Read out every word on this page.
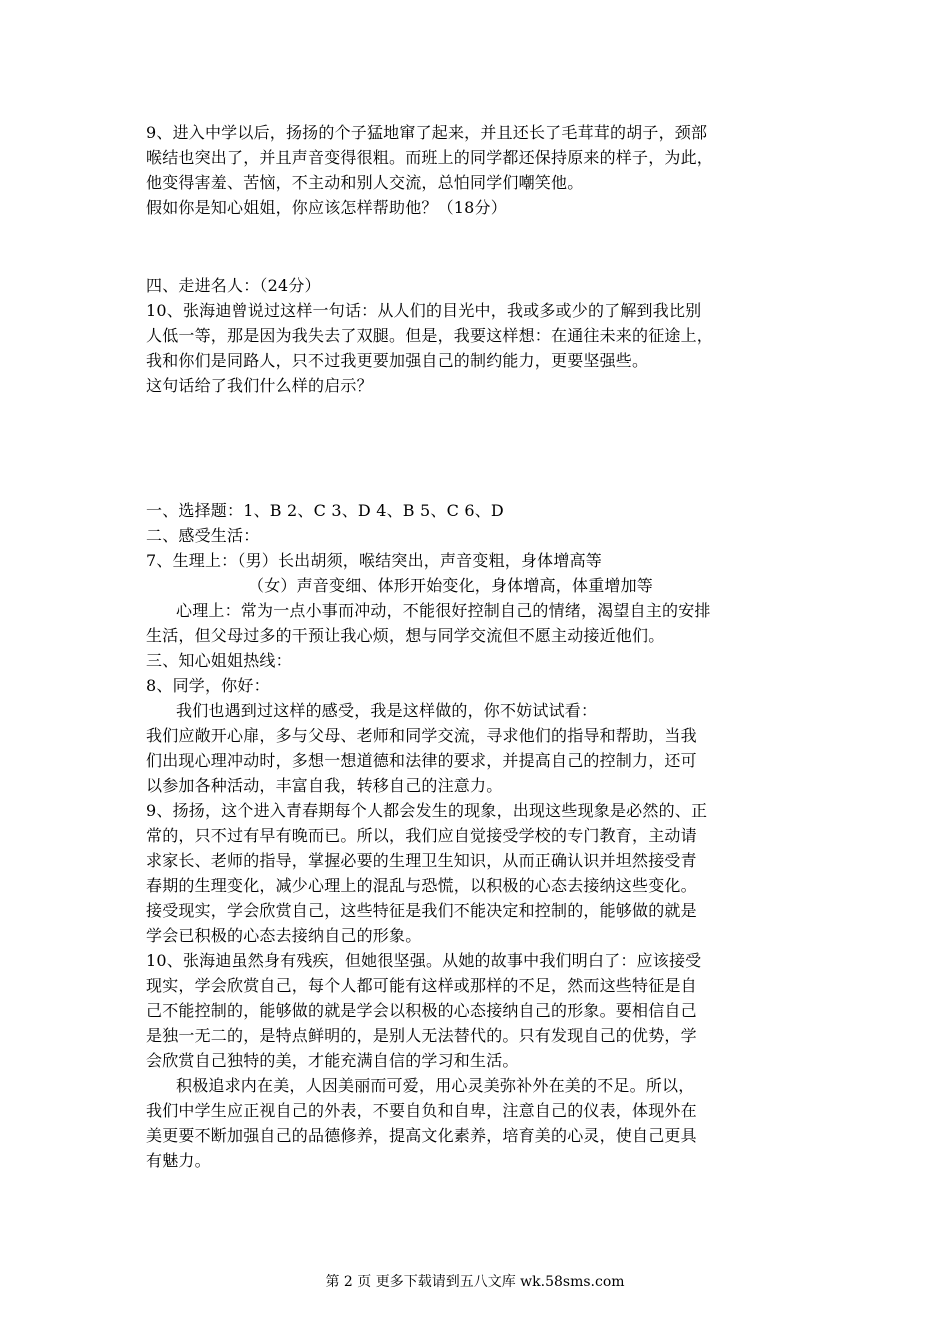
9、进入中学以后，扬扬的个子猛地窜了起来，并且还长了毛茸茸的胡子，颈部
喉结也突出了，并且声音变得很粗。而班上的同学都还保持原来的样子，为此，
他变得害羞、苦恼，不主动和别人交流，总怕同学们嘲笑他。
假如你是知心姐姐，你应该怎样帮助他？（18分）
四、走进名人：（24分）
10、张海迪曾说过这样一句话：从人们的目光中，我或多或少的了解到我比别
人低一等，那是因为我失去了双腿。但是，我要这样想：在通往未来的征途上，
我和你们是同路人，只不过我更要加强自己的制约能力，更要坚强些。
这句话给了我们什么样的启示？
一、选择题：1、B 2、C 3、D 4、B 5、C 6、D
二、感受生活：
7、生理上：（男）长出胡须，喉结突出，声音变粗，身体增高等
（女）声音变细、体形开始变化，身体增高，体重增加等
心理上：常为一点小事而冲动，不能很好控制自己的情绪，渴望自主的安排
生活，但父母过多的干预让我心烦，想与同学交流但不愿主动接近他们。
三、知心姐姐热线：
8、同学，你好：
我们也遇到过这样的感受，我是这样做的，你不妨试试看：
我们应敞开心扉，多与父母、老师和同学交流，寻求他们的指导和帮助，当我
们出现心理冲动时，多想一想道德和法律的要求，并提高自己的控制力，还可
以参加各种活动，丰富自我，转移自己的注意力。
9、扬扬，这个进入青春期每个人都会发生的现象，出现这些现象是必然的、正
常的，只不过有早有晚而已。所以，我们应自觉接受学校的专门教育，主动请
求家长、老师的指导，掌握必要的生理卫生知识，从而正确认识并坦然接受青
春期的生理变化，减少心理上的混乱与恐慌，以积极的心态去接纳这些变化。
接受现实，学会欣赏自己，这些特征是我们不能决定和控制的，能够做的就是
学会已积极的心态去接纳自己的形象。
10、张海迪虽然身有残疾，但她很坚强。从她的故事中我们明白了：应该接受
现实，学会欣赏自己，每个人都可能有这样或那样的不足，然而这些特征是自
己不能控制的，能够做的就是学会以积极的心态接纳自己的形象。要相信自己
是独一无二的，是特点鲜明的，是别人无法替代的。只有发现自己的优势，学
会欣赏自己独特的美，才能充满自信的学习和生活。
积极追求内在美，人因美丽而可爱，用心灵美弥补外在美的不足。所以，
我们中学生应正视自己的外表，不要自负和自卑，注意自己的仪表，体现外在
美更要不断加强自己的品德修养，提高文化素养，培育美的心灵，使自己更具
有魅力。
第 2 页 更多下载请到五八文库 wk.58sms.com
